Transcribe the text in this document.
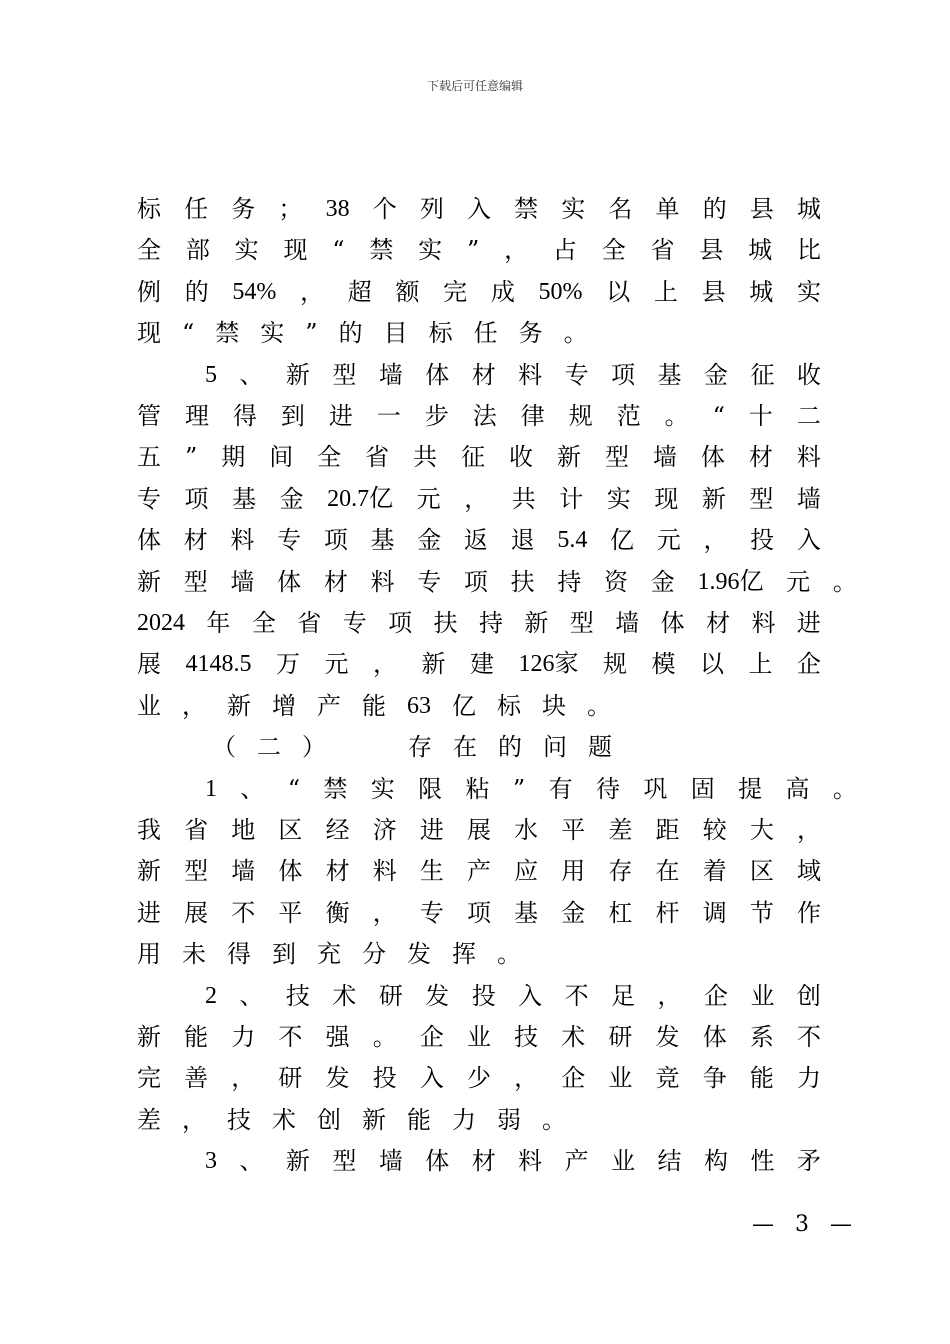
下载后可任意编辑
标 任 务 ； 38 个 列 入 禁 实 名 单 的 县 城
全 部 实 现 “ 禁 实 ” ， 占 全 省 县 城 比
例 的 54% ， 超 额 完 成 50% 以 上 县 城 实
现 “ 禁 实 ” 的 目 标 任 务 。
5 、 新 型 墙 体 材 料 专 项 基 金 征 收
管 理 得 到 进 一 步 法 律 规 范 。 “ 十 二
五 ” 期 间 全 省 共 征 收 新 型 墙 体 材 料
专 项 基 金 20.7亿 元 ， 共 计 实 现 新 型 墙
体 材 料 专 项 基 金 返 退 5.4 亿 元 ， 投 入
新 型 墙 体 材 料 专 项 扶 持 资 金 1.96亿 元 。
2024 年 全 省 专 项 扶 持 新 型 墙 体 材 料 进
展 4148.5 万 元 ， 新 建 126家 规 模 以 上 企
业 ， 新 增 产 能 63 亿 标 块 。
（ 二 ）	存 在 的 问 题
1 、 “ 禁 实 限 粘 ” 有 待 巩 固 提 高 。
我 省 地 区 经 济 进 展 水 平 差 距 较 大 ，
新 型 墙 体 材 料 生 产 应 用 存 在 着 区 域
进 展 不 平 衡 ， 专 项 基 金 杠 杆 调 节 作
用 未 得 到 充 分 发 挥 。
2 、 技 术 研 发 投 入 不 足 ， 企 业 创
新 能 力 不 强 。 企 业 技 术 研 发 体 系 不
完 善 ， 研 发 投 入 少 ， 企 业 竞 争 能 力
差 ， 技 术 创 新 能 力 弱 。
3 、 新 型 墙 体 材 料 产 业 结 构 性 矛
— 3 —
